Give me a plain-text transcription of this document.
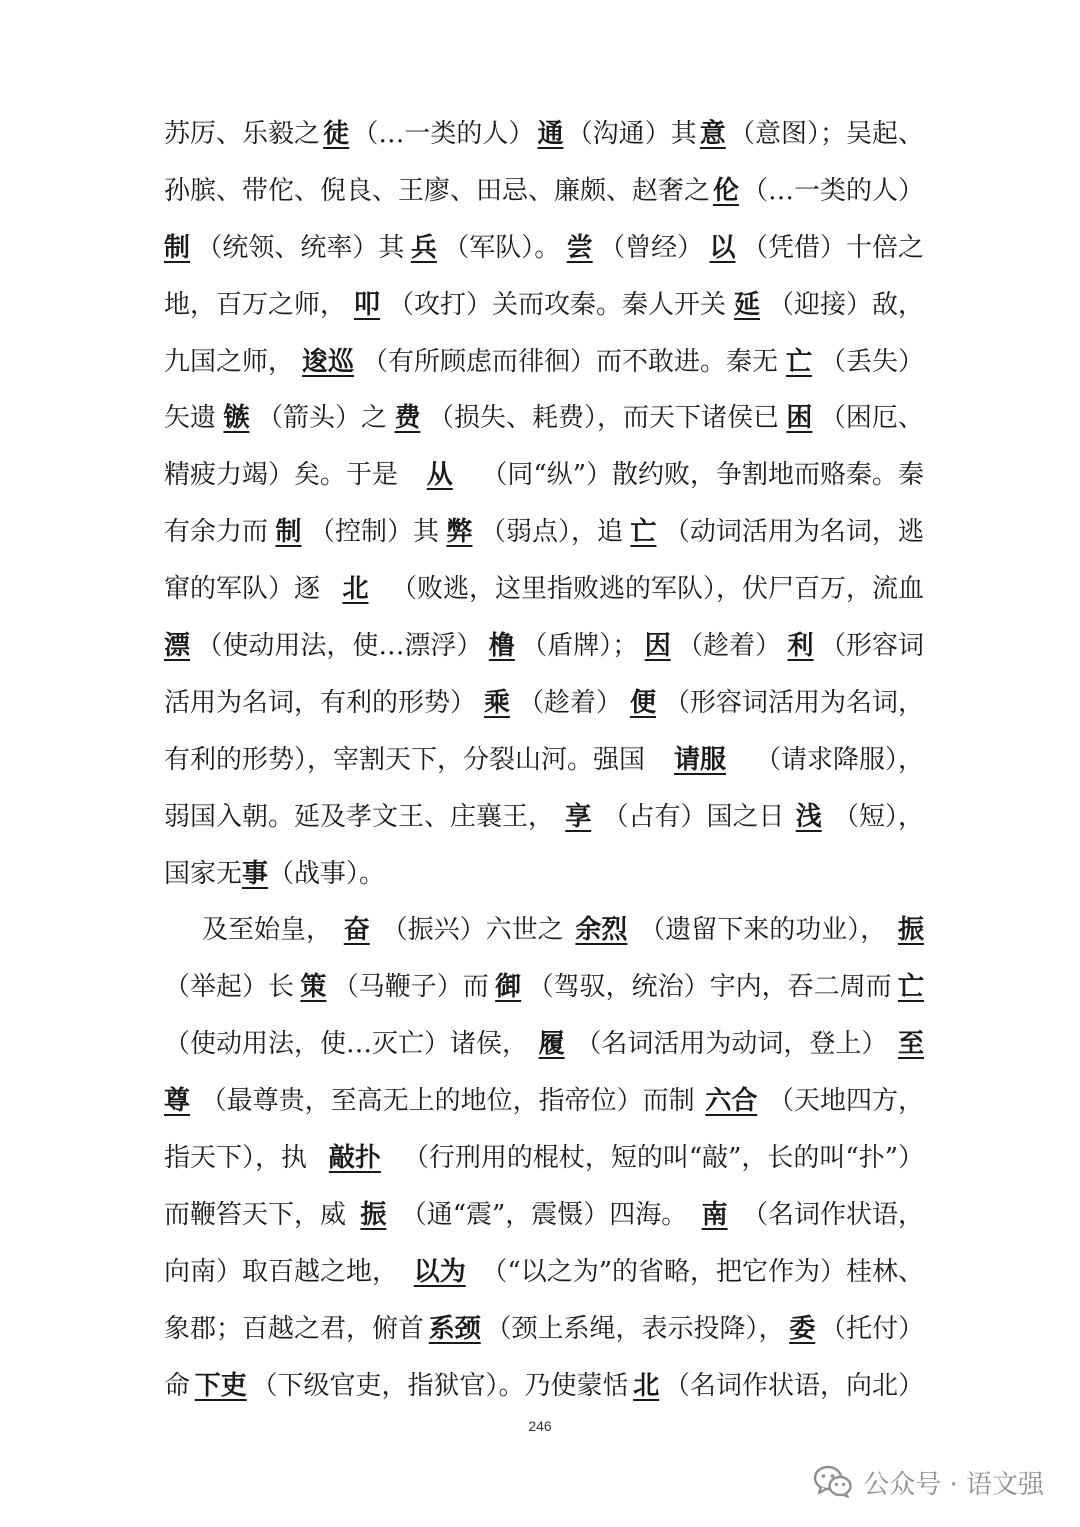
苏厉、乐毅之 徒 （…一类的人） 通 （沟通）其 意 （意图）；吴起、
孙膑、带佗、倪良、王廖、田忌、廉颇、赵奢之 伦 （…一类的人）
制 （统领、统率）其 兵 （军队）。 尝 （曾经） 以 （凭借）十倍之
地，百万之师， 叩 （攻打）关而攻秦。秦人开关 延 （迎接）敌，
九国之师， 逡巡 （有所顾虑而徘徊）而不敢进。秦无 亡 （丢失）
矢遗 镞 （箭头）之 费 （损失、耗费），而天下诸侯已 困 （困厄、
精疲力竭）矣。于是 从 （同“纵”）散约败，争割地而赂秦。秦
有余力而 制 （控制）其 弊 （弱点），追 亡 （动词活用为名词，逃
窜的军队）逐 北 （败逃，这里指败逃的军队），伏尸百万，流血
漂 （使动用法，使…漂浮） 橹 （盾牌）； 因 （趁着） 利 （形容词
活用为名词，有利的形势） 乘 （趁着） 便 （形容词活用为名词，
有利的形势），宰割天下，分裂山河。强国 请服 （请求降服），
弱国入朝。延及孝文王、庄襄王， 享 （占有）国之日 浅 （短），
国家无 事 （战事）。
及至始皇， 奋 （振兴）六世之 余烈 （遗留下来的功业）， 振
（举起）长 策 （马鞭子）而 御 （驾驭，统治）宇内，吞二周而 亡
（使动用法，使…灭亡）诸侯， 履 （名词活用为动词，登上） 至
尊 （最尊贵，至高无上的地位，指帝位）而制 六合 （天地四方，
指天下），执 敲扑 （行刑用的棍杖，短的叫“敲”，长的叫“扑”）
而鞭笞天下，威 振 （通“震”，震慑）四海。 南 （名词作状语，
向南）取百越之地， 以为 （“以之为”的省略，把它作为）桂林、
象郡；百越之君，俯首 系颈 （颈上系绳，表示投降）， 委 （托付）
命 下吏 （下级官吏，指狱官）。乃使蒙恬 北 （名词作状语，向北）
246
公众号 · 语文强
